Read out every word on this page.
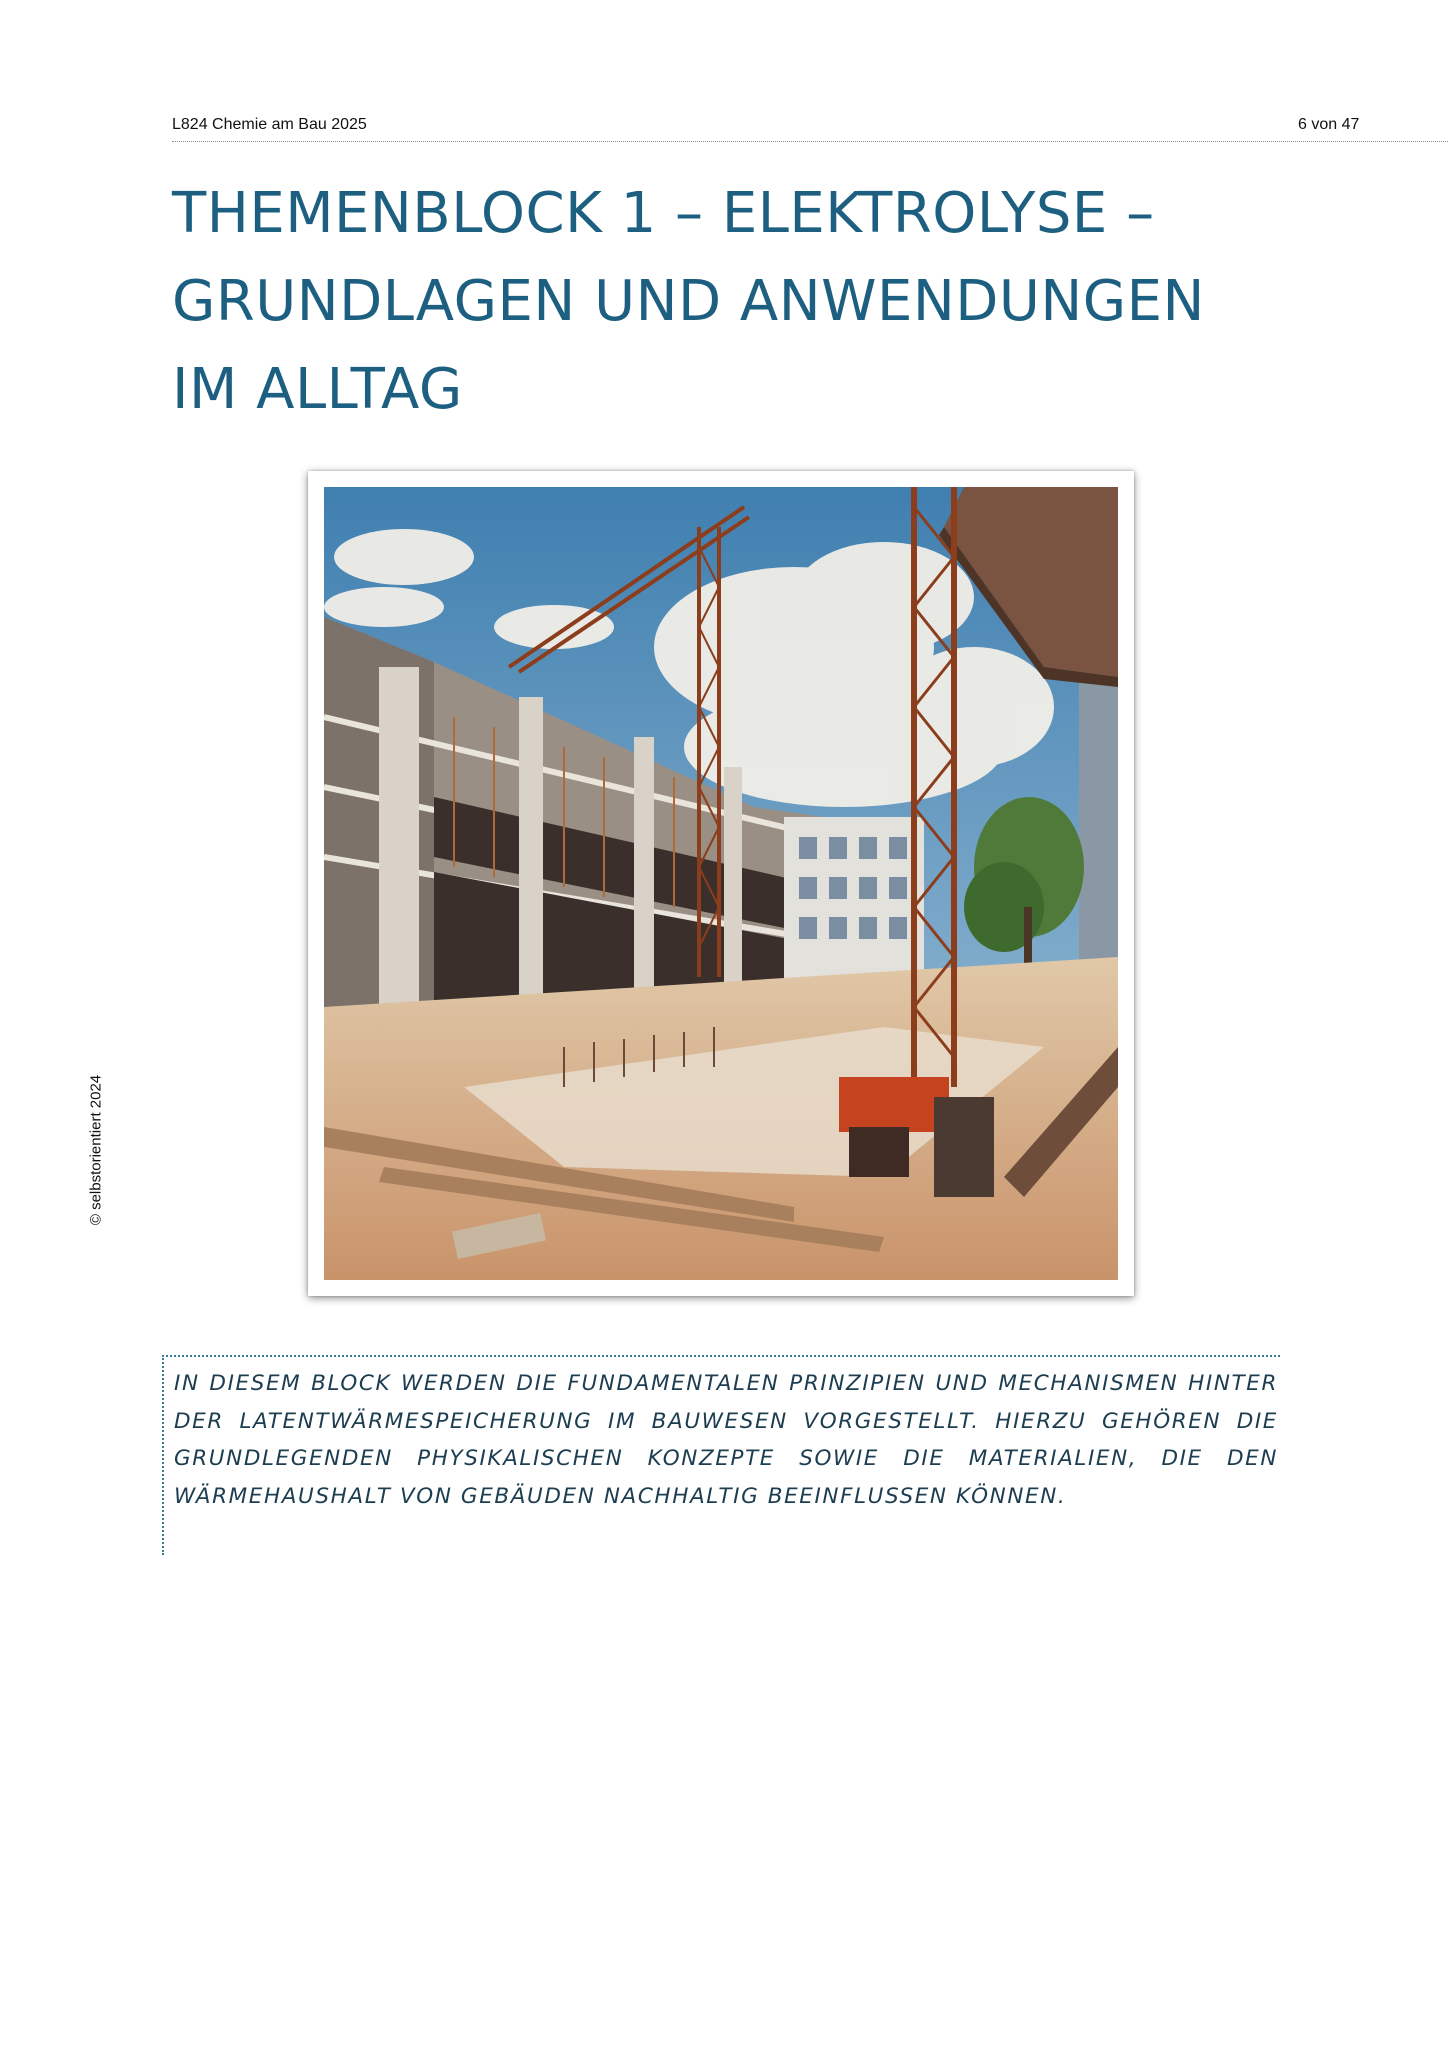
L824 Chemie am Bau 2025	6 von 47
© selbstorientiert 2024
THEMENBLOCK 1 – ELEKTROLYSE –
GRUNDLAGEN UND ANWENDUNGEN
IM ALLTAG

IN DIESEM BLOCK WERDEN DIE FUNDAMENTALEN PRINZIPIEN UND MECHANISMEN HINTER DER LATENTWÄRMESPEICHERUNG IM BAUWESEN VORGESTELLT. HIERZU GEHÖREN DIE GRUNDLEGENDEN PHYSIKALISCHEN KONZEPTE SOWIE DIE MATERIALIEN, DIE DEN WÄRMEHAUSHALT VON GEBÄUDEN NACHHALTIG BEEINFLUSSEN KÖNNEN.
